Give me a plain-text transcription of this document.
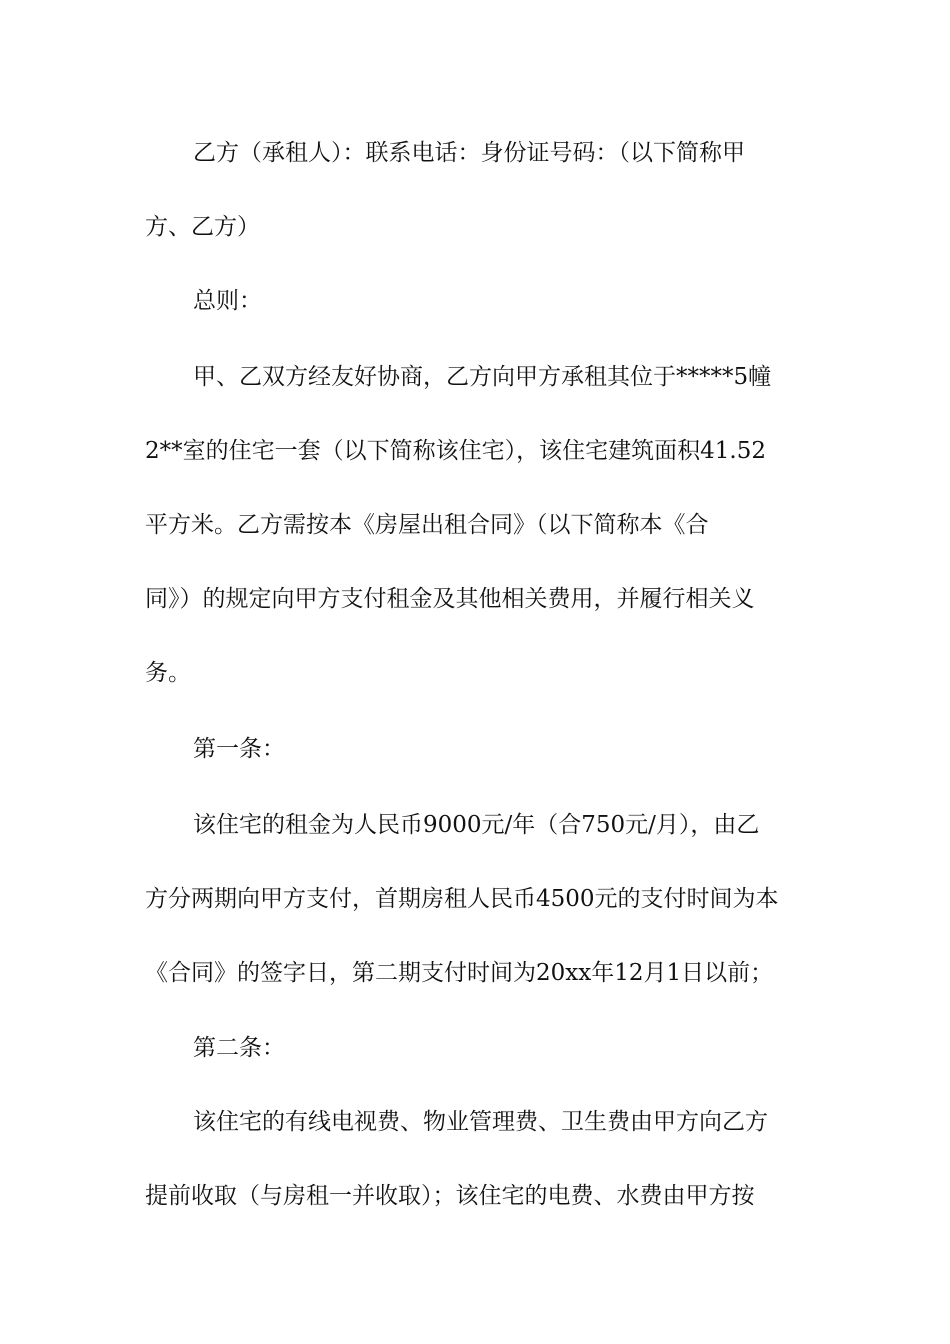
乙方（承租人）：联系电话：身份证号码：（以下简称甲
方、乙方）
总则：
甲、乙双方经友好协商，乙方向甲方承租其位于*****5幢
2**室的住宅一套（以下简称该住宅），该住宅建筑面积41.52
平方米。乙方需按本《房屋出租合同》（以下简称本《合
同》）的规定向甲方支付租金及其他相关费用，并履行相关义
务。
第一条：
该住宅的租金为人民币9000元/年（合750元/月），由乙
方分两期向甲方支付，首期房租人民币4500元的支付时间为本
《合同》的签字日，第二期支付时间为20xx年12月1日以前；
第二条：
该住宅的有线电视费、物业管理费、卫生费由甲方向乙方
提前收取（与房租一并收取）；该住宅的电费、水费由甲方按
